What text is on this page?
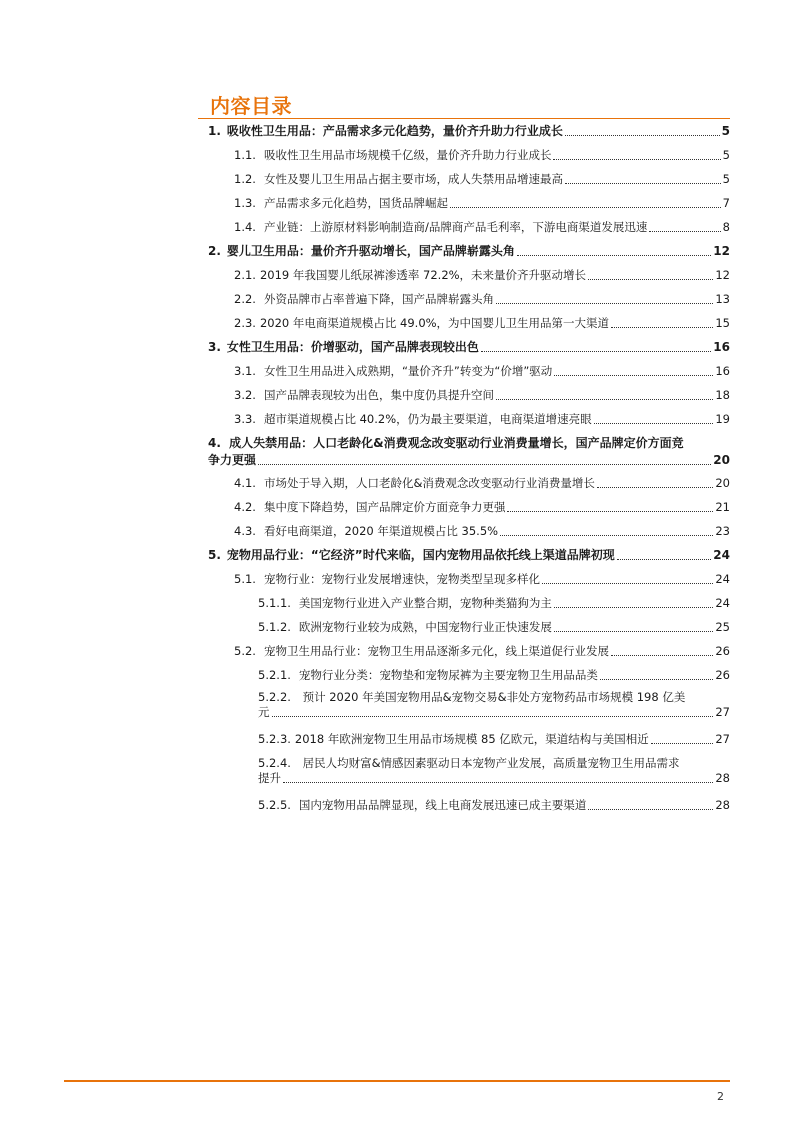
内容目录
1. 吸收性卫生用品：产品需求多元化趋势，量价齐升助力行业成长	5
1.1. 吸收性卫生用品市场规模千亿级，量价齐升助力行业成长	5
1.2. 女性及婴儿卫生用品占据主要市场，成人失禁用品增速最高	5
1.3. 产品需求多元化趋势，国货品牌崛起	7
1.4. 产业链：上游原材料影响制造商/品牌商产品毛利率，下游电商渠道发展迅速	8
2. 婴儿卫生用品：量价齐升驱动增长，国产品牌崭露头角	12
2.1. 2019 年我国婴儿纸尿裤渗透率 72.2%，未来量价齐升驱动增长	12
2.2. 外资品牌市占率普遍下降，国产品牌崭露头角	13
2.3. 2020 年电商渠道规模占比 49.0%，为中国婴儿卫生用品第一大渠道	15
3. 女性卫生用品：价增驱动，国产品牌表现较出色	16
3.1. 女性卫生用品进入成熟期，“量价齐升”转变为“价增”驱动	16
3.2. 国产品牌表现较为出色，集中度仍具提升空间	18
3.3. 超市渠道规模占比 40.2%，仍为最主要渠道，电商渠道增速亮眼	19
4. 成人失禁用品：人口老龄化&消费观念改变驱动行业消费量增长，国产品牌定价方面竞
争力更强	20
4.1. 市场处于导入期，人口老龄化&消费观念改变驱动行业消费量增长	20
4.2. 集中度下降趋势，国产品牌定价方面竞争力更强	21
4.3. 看好电商渠道，2020 年渠道规模占比 35.5%	23
5. 宠物用品行业：“它经济”时代来临，国内宠物用品依托线上渠道品牌初现	24
5.1. 宠物行业：宠物行业发展增速快，宠物类型呈现多样化	24
5.1.1. 美国宠物行业进入产业整合期，宠物种类猫狗为主	24
5.1.2. 欧洲宠物行业较为成熟，中国宠物行业正快速发展	25
5.2. 宠物卫生用品行业：宠物卫生用品逐渐多元化，线上渠道促行业发展	26
5.2.1. 宠物行业分类：宠物垫和宠物尿裤为主要宠物卫生用品品类	26
5.2.2. 预计 2020 年美国宠物用品&宠物交易&非处方宠物药品市场规模 198 亿美
元	27
5.2.3. 2018 年欧洲宠物卫生用品市场规模 85 亿欧元，渠道结构与美国相近	27
5.2.4. 居民人均财富&情感因素驱动日本宠物产业发展，高质量宠物卫生用品需求
提升	28
5.2.5. 国内宠物用品品牌显现，线上电商发展迅速已成主要渠道	28
2
